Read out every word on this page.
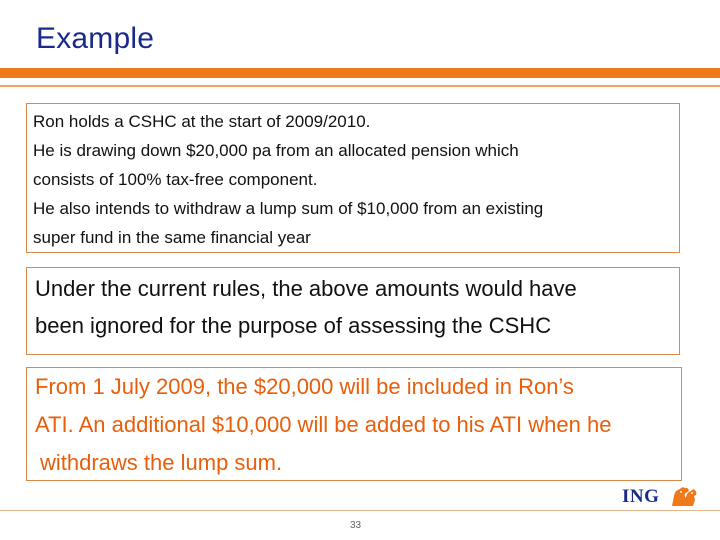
Example
Ron holds a CSHC at the start of 2009/2010.
He is drawing down $20,000 pa from an allocated pension which
consists of 100% tax-free component.
He also intends to withdraw a lump sum of $10,000 from an existing
super fund in the same financial year
Under the current rules, the above amounts would have
been ignored for the purpose of assessing the CSHC
From 1 July 2009, the $20,000 will be included in Ron’s
ATI. An additional $10,000 will be added to his ATI when he
withdraws the lump sum.
ING
33
